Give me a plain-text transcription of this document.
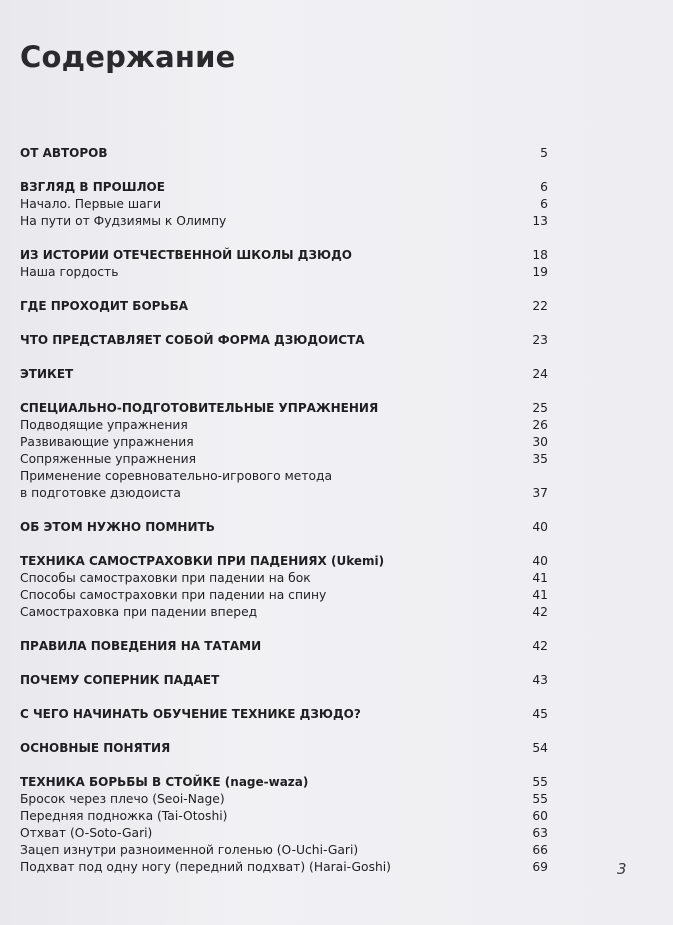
Содержание
ОТ АВТОРОВ	5
ВЗГЛЯД В ПРОШЛОЕ	6
Начало. Первые шаги	6
На пути от Фудзиямы к Олимпу	13
ИЗ ИСТОРИИ ОТЕЧЕСТВЕННОЙ ШКОЛЫ ДЗЮДО	18
Наша гордость	19
ГДЕ ПРОХОДИТ БОРЬБА	22
ЧТО ПРЕДСТАВЛЯЕТ СОБОЙ ФОРМА ДЗЮДОИСТА	23
ЭТИКЕТ	24
СПЕЦИАЛЬНО-ПОДГОТОВИТЕЛЬНЫЕ УПРАЖНЕНИЯ	25
Подводящие упражнения	26
Развивающие упражнения	30
Сопряженные упражнения	35
Применение соревновательно-игрового метода
в подготовке дзюдоиста	37
ОБ ЭТОМ НУЖНО ПОМНИТЬ	40
ТЕХНИКА САМОСТРАХОВКИ ПРИ ПАДЕНИЯХ (Ukemi)	40
Способы самостраховки при падении на бок	41
Способы самостраховки при падении на спину	41
Самостраховка при падении вперед	42
ПРАВИЛА ПОВЕДЕНИЯ НА ТАТАМИ	42
ПОЧЕМУ СОПЕРНИК ПАДАЕТ	43
С ЧЕГО НАЧИНАТЬ ОБУЧЕНИЕ ТЕХНИКЕ ДЗЮДО?	45
ОСНОВНЫЕ ПОНЯТИЯ	54
ТЕХНИКА БОРЬБЫ В СТОЙКЕ (nage-waza)	55
Бросок через плечо (Seoi-Nage)	55
Передняя подножка (Tai-Otoshi)	60
Отхват (O-Soto-Gari)	63
Зацеп изнутри разноименной голенью (O-Uchi-Gari)	66
Подхват под одну ногу (передний подхват) (Harai-Goshi)	69	3
